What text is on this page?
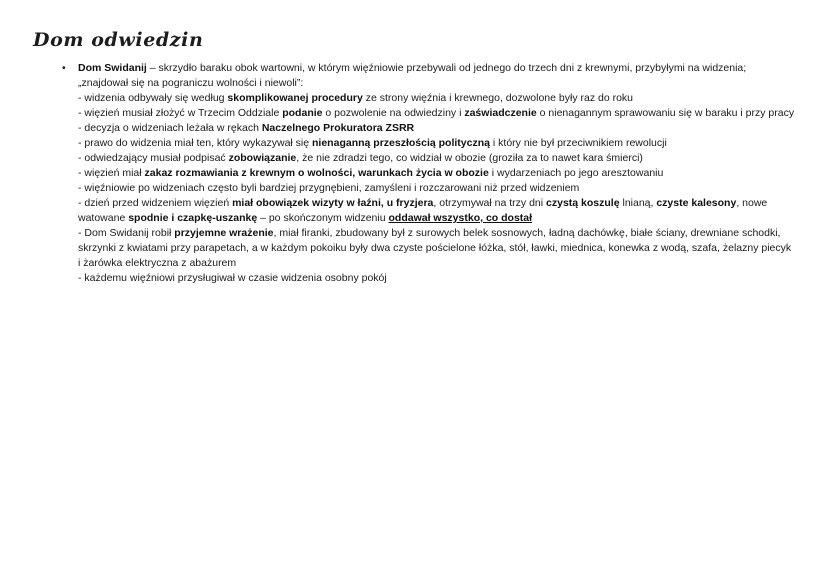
Dom odwiedzin
•	Dom Swidanij – skrzydło baraku obok wartowni, w którym więźniowie przebywali od jednego do trzech dni z krewnymi, przybyłymi na widzenia; „znajdował się na pograniczu wolności i niewoli”:
- widzenia odbywały się według skomplikowanej procedury ze strony więźnia i krewnego, dozwolone były raz do roku
- więzień musiał złożyć w Trzecim Oddziale podanie o pozwolenie na odwiedziny i zaświadczenie o nienagannym sprawowaniu się w baraku i przy pracy
- decyzja o widzeniach leżała w rękach Naczelnego Prokuratora ZSRR
- prawo do widzenia miał ten, który wykazywał się nienaganną przeszłością polityczną i który nie był przeciwnikiem rewolucji
- odwiedzający musiał podpisać zobowiązanie, że nie zdradzi tego, co widział w obozie (groziła za to nawet kara śmierci)
- więzień miał zakaz rozmawiania z krewnym o wolności, warunkach życia w obozie i wydarzeniach po jego aresztowaniu
- więźniowie po widzeniach często byli bardziej przygnębieni, zamyśleni i rozczarowani niż przed widzeniem
- dzień przed widzeniem więzień miał obowiązek wizyty w łaźni, u fryzjera, otrzymywał na trzy dni czystą koszulę lnianą, czyste kalesony, nowe watowane spodnie i czapkę-uszankę – po skończonym widzeniu oddawał wszystko, co dostał
- Dom Swidanij robił przyjemne wrażenie, miał firanki, zbudowany był z surowych belek sosnowych, ładną dachówkę, białe ściany, drewniane schodki, skrzynki z kwiatami przy parapetach, a w każdym pokoiku były dwa czyste pościelone łóżka, stół, ławki, miednica, konewka z wodą, szafa, żelazny piecyk i żarówka elektryczna z abażurem
- każdemu więźniowi przysługiwał w czasie widzenia osobny pokój
